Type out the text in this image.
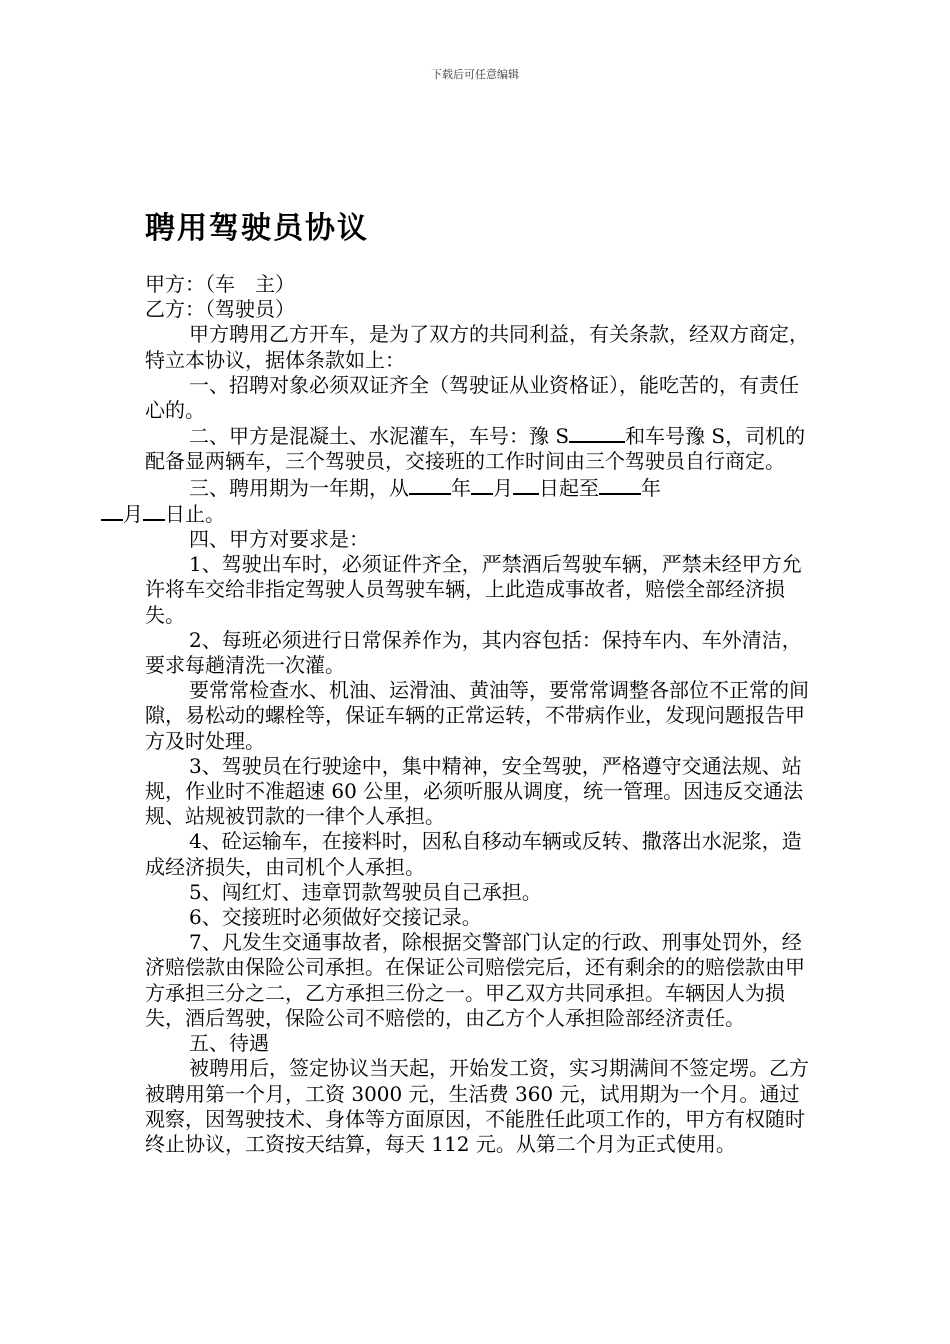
下载后可任意编辑
聘用驾驶员协议

甲方：（车　主）

乙方：（驾驶员）

甲方聘用乙方开车，是为了双方的共同利益，有关条款，经双方商定，特立本协议，据体条款如上：

一、招聘对象必须双证齐全（驾驶证从业资格证），能吃苦的，有责任心的。

二、甲方是混凝土、水泥灌车，车号：豫 S	和车号豫 S，司机的配备显两辆车，三个驾驶员，交接班的工作时间由三个驾驶员自行商定。

三、聘用期为一年期，从 年 月 日起至 年
月 日止。

四、甲方对要求是：

1、驾驶出车时，必须证件齐全，严禁酒后驾驶车辆，严禁未经甲方允许将车交给非指定驾驶人员驾驶车辆，上此造成事故者，赔偿全部经济损失。

2、每班必须进行日常保养作为，其内容包括：保持车内、车外清洁，要求每趟清洗一次灌。

要常常检查水、机油、运滑油、黄油等，要常常调整各部位不正常的间隙，易松动的螺栓等，保证车辆的正常运转，不带病作业，发现问题报告甲方及时处理。

3、驾驶员在行驶途中，集中精神，安全驾驶，严格遵守交通法规、站规，作业时不准超速 60 公里，必须听服从调度，统一管理。因违反交通法规、站规被罚款的一律个人承担。

4、砼运输车，在接料时，因私自移动车辆或反转、撒落出水泥浆，造成经济损失，由司机个人承担。

5、闯红灯、违章罚款驾驶员自己承担。

6、交接班时必须做好交接记录。

7、凡发生交通事故者，除根据交警部门认定的行政、刑事处罚外，经济赔偿款由保险公司承担。在保证公司赔偿完后，还有剩余的的赔偿款由甲方承担三分之二，乙方承担三份之一。甲乙双方共同承担。车辆因人为损失，酒后驾驶，保险公司不赔偿的，由乙方个人承担险部经济责任。

五、待遇

被聘用后，签定协议当天起，开始发工资，实习期满间不签定塄。乙方被聘用第一个月，工资 3000 元，生活费 360 元，试用期为一个月。通过观察，因驾驶技术、身体等方面原因，不能胜任此项工作的，甲方有权随时终止协议，工资按天结算，每天 112 元。从第二个月为正式使用。
